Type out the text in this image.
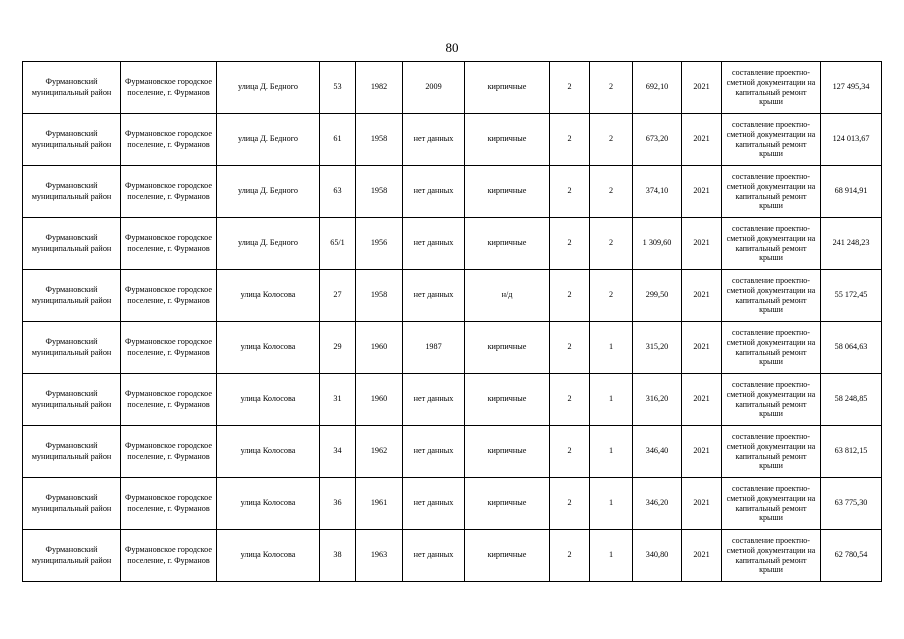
80
Фурмановский муниципальный район	Фурмановское городское поселение, г. Фурманов	улица Д. Бедного	53	1982	2009	кирпичные	2	2	692,10	2021	составление проектно-сметной документации на капитальный ремонт крыши	127 495,34
Фурмановский муниципальный район	Фурмановское городское поселение, г. Фурманов	улица Д. Бедного	61	1958	нет данных	кирпичные	2	2	673,20	2021	составление проектно-сметной документации на капитальный ремонт крыши	124 013,67
Фурмановский муниципальный район	Фурмановское городское поселение, г. Фурманов	улица Д. Бедного	63	1958	нет данных	кирпичные	2	2	374,10	2021	составление проектно-сметной документации на капитальный ремонт крыши	68 914,91
Фурмановский муниципальный район	Фурмановское городское поселение, г. Фурманов	улица Д. Бедного	65/1	1956	нет данных	кирпичные	2	2	1 309,60	2021	составление проектно-сметной документации на капитальный ремонт крыши	241 248,23
Фурмановский муниципальный район	Фурмановское городское поселение, г. Фурманов	улица Колосова	27	1958	нет данных	н/д	2	2	299,50	2021	составление проектно-сметной документации на капитальный ремонт крыши	55 172,45
Фурмановский муниципальный район	Фурмановское городское поселение, г. Фурманов	улица Колосова	29	1960	1987	кирпичные	2	1	315,20	2021	составление проектно-сметной документации на капитальный ремонт крыши	58 064,63
Фурмановский муниципальный район	Фурмановское городское поселение, г. Фурманов	улица Колосова	31	1960	нет данных	кирпичные	2	1	316,20	2021	составление проектно-сметной документации на капитальный ремонт крыши	58 248,85
Фурмановский муниципальный район	Фурмановское городское поселение, г. Фурманов	улица Колосова	34	1962	нет данных	кирпичные	2	1	346,40	2021	составление проектно-сметной документации на капитальный ремонт крыши	63 812,15
Фурмановский муниципальный район	Фурмановское городское поселение, г. Фурманов	улица Колосова	36	1961	нет данных	кирпичные	2	1	346,20	2021	составление проектно-сметной документации на капитальный ремонт крыши	63 775,30
Фурмановский муниципальный район	Фурмановское городское поселение, г. Фурманов	улица Колосова	38	1963	нет данных	кирпичные	2	1	340,80	2021	составление проектно-сметной документации на капитальный ремонт крыши	62 780,54
